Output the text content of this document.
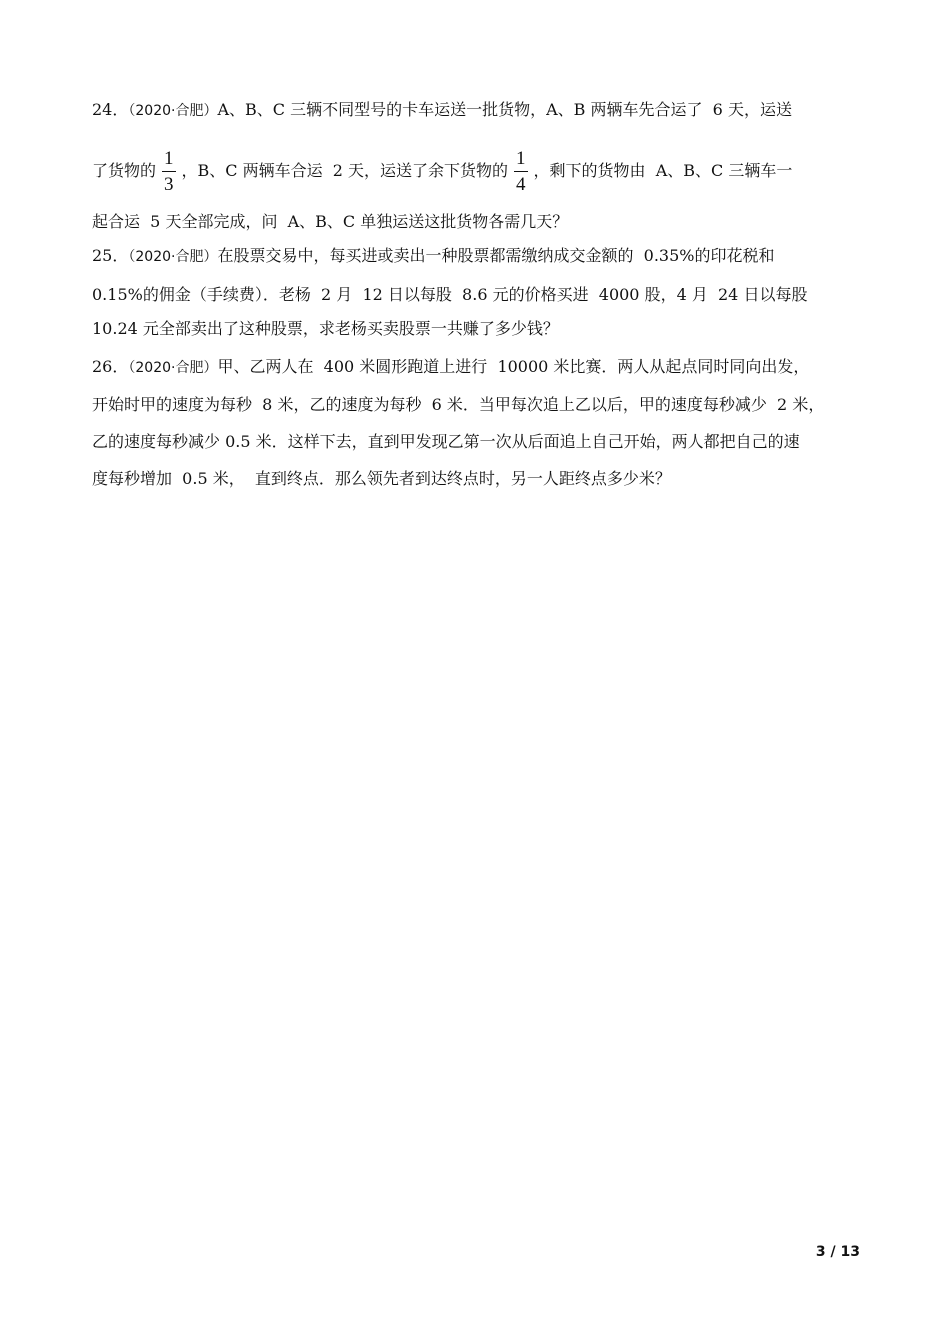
24．（2020·合肥）A、B、C 三辆不同型号的卡车运送一批货物，A、B 两辆车先合运了  6 天，运送
了货物的 $\frac{1}{3}$ ，B、C 两辆车合运  2 天，运送了余下货物的 $\frac{1}{4}$ ，剩下的货物由  A、B、C 三辆车一
起合运  5 天全部完成，问  A、B、C 单独运送这批货物各需几天？
25．（2020·合肥）在股票交易中，每买进或卖出一种股票都需缴纳成交金额的  0.35%的印花税和
0.15%的佣金（手续费）．老杨  2 月  12 日以每股  8.6 元的价格买进  4000 股，4 月  24 日以每股
10.24 元全部卖出了这种股票，求老杨买卖股票一共赚了多少钱？
26．（2020·合肥）甲、乙两人在  400 米圆形跑道上进行  10000 米比赛．两人从起点同时同向出发，
开始时甲的速度为每秒  8 米，乙的速度为每秒  6 米．当甲每次追上乙以后，甲的速度每秒减少  2 米，
乙的速度每秒减少 0.5 米．这样下去，直到甲发现乙第一次从后面追上自己开始，两人都把自己的速
度每秒增加  0.5 米，  直到终点．那么领先者到达终点时，另一人距终点多少米？
3 / 13
